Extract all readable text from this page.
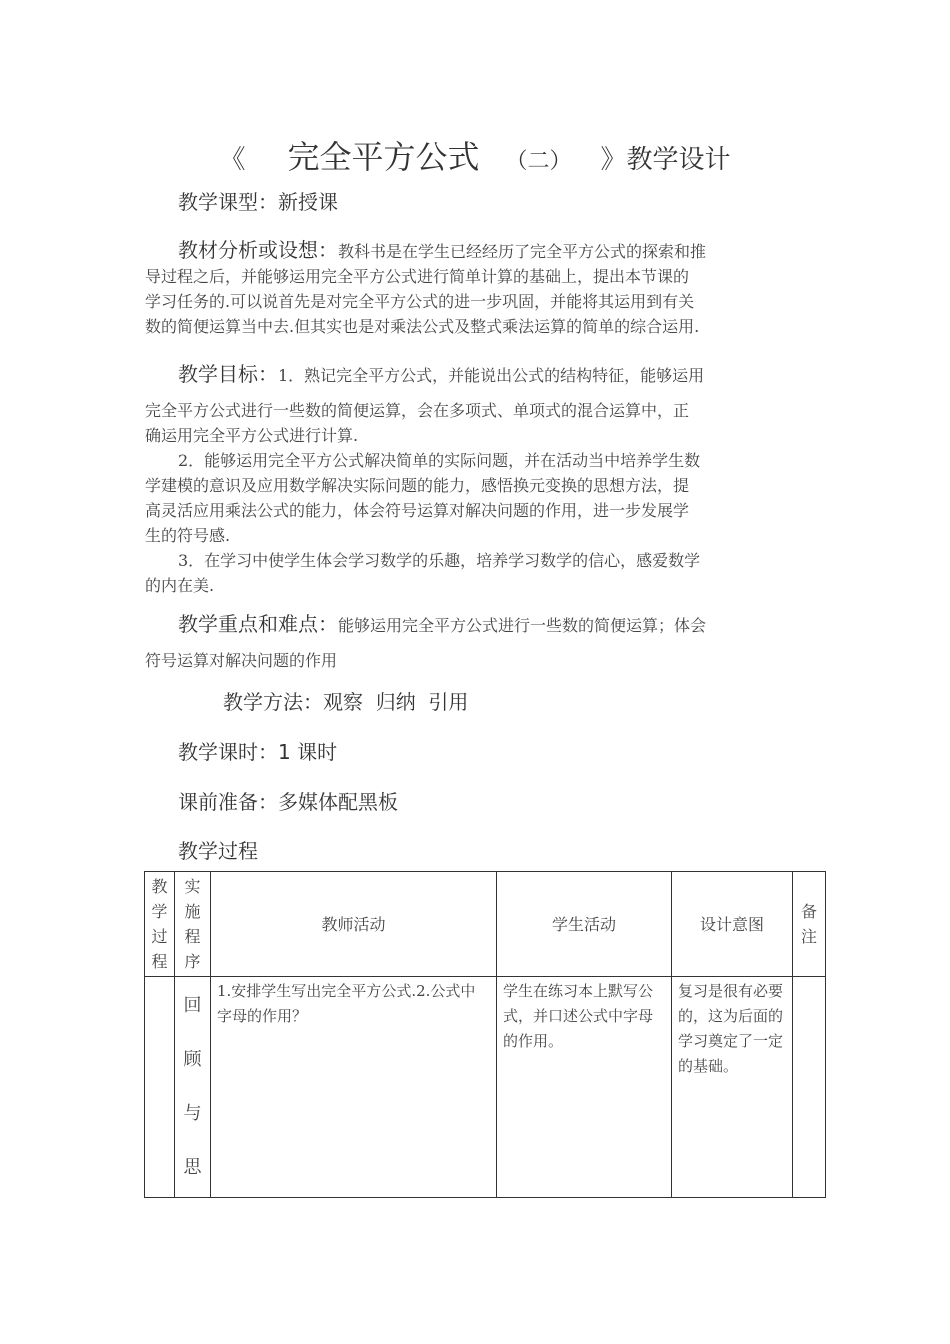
《 完全平方公式 （二） 》教学设计
教学课型：新授课
教材分析或设想：教科书是在学生已经经历了完全平方公式的探索和推
导过程之后，并能够运用完全平方公式进行简单计算的基础上，提出本节课的
学习任务的.可以说首先是对完全平方公式的进一步巩固，并能将其运用到有关
数的简便运算当中去.但其实也是对乘法公式及整式乘法运算的简单的综合运用.
教学目标：1．熟记完全平方公式，并能说出公式的结构特征，能够运用
完全平方公式进行一些数的简便运算，会在多项式、单项式的混合运算中，正
确运用完全平方公式进行计算.
2．能够运用完全平方公式解决简单的实际问题，并在活动当中培养学生数
学建模的意识及应用数学解决实际问题的能力，感悟换元变换的思想方法，提
高灵活应用乘法公式的能力，体会符号运算对解决问题的作用，进一步发展学
生的符号感.
3．在学习中使学生体会学习数学的乐趣，培养学习数学的信心，感爱数学
的内在美.
教学重点和难点：能够运用完全平方公式进行一些数的简便运算；体会
符号运算对解决问题的作用
教学方法：观察  归纳  引用
教学课时：1 课时
课前准备：多媒体配黑板
教学过程
教
学
过
程	实
施
程
序	教师活动	学生活动	设计意图	备
注

	回
顾
与
思	1.安排学生写出完全平方公式.2.公式中字母的作用？	学生在练习本上默写公式，并口述公式中字母的作用。	复习是很有必要的，这为后面的学习奠定了一定的基础。	
